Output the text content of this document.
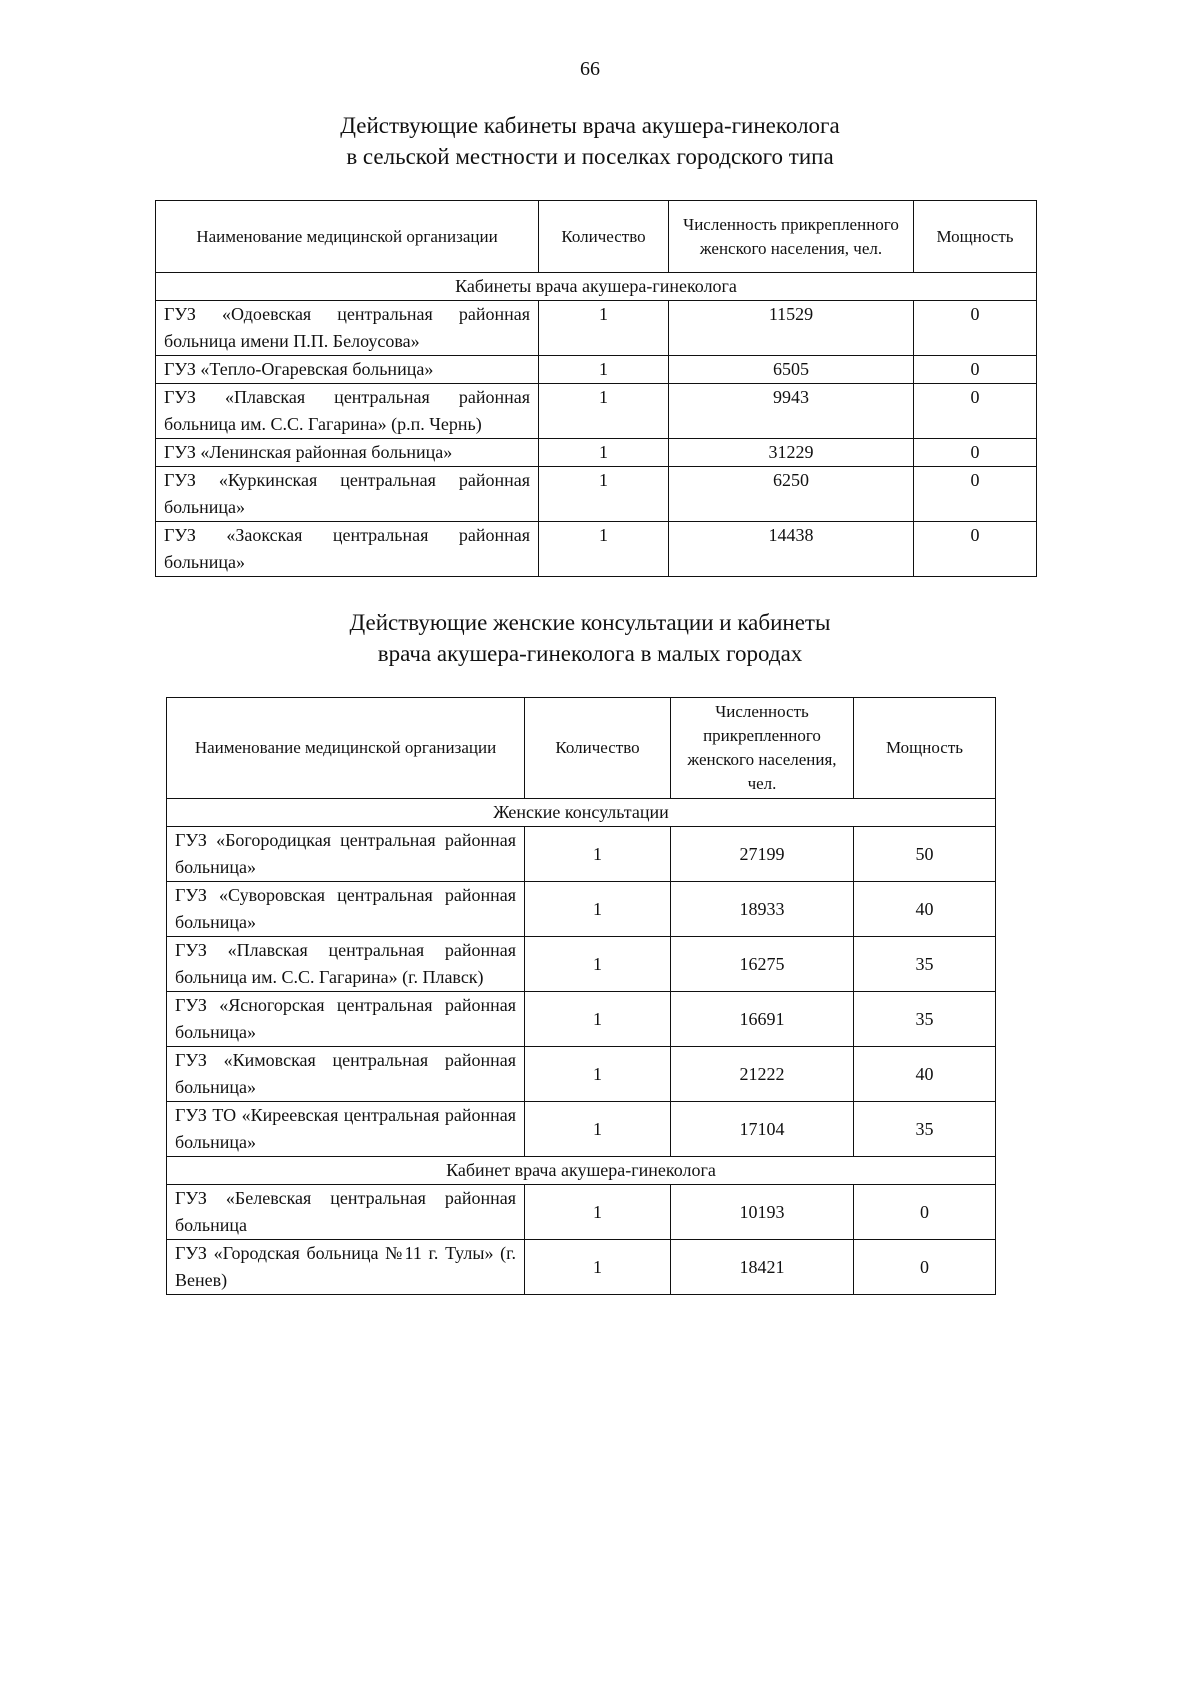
66
Действующие кабинеты врача акушера-гинеколога
в сельской местности и поселках городского типа
Наименование медицинской организации	Количество	Численность прикрепленного женского населения, чел.	Мощность
Кабинеты врача акушера-гинеколога			
ГУЗ «Одоевская центральная районная больница имени П.П. Белоусова»	1	11529	0
ГУЗ «Тепло-Огаревская больница»	1	6505	0
ГУЗ «Плавская центральная районная больница им. С.С. Гагарина» (р.п. Чернь)	1	9943	0
ГУЗ «Ленинская районная больница»	1	31229	0
ГУЗ «Куркинская центральная районная больница»	1	6250	0
ГУЗ «Заокская центральная районная больница»	1	14438	0
Действующие женские консультации и кабинеты
врача акушера-гинеколога в малых городах
Наименование медицинской организации	Количество	Численность прикрепленного женского населения, чел.	Мощность
Женские консультации			
ГУЗ «Богородицкая центральная районная больница»	1	27199	50
ГУЗ «Суворовская центральная районная больница»	1	18933	40
ГУЗ «Плавская центральная районная больница им. С.С. Гагарина» (г. Плавск)	1	16275	35
ГУЗ «Ясногорская центральная районная больница»	1	16691	35
ГУЗ «Кимовская центральная районная больница»	1	21222	40
ГУЗ ТО «Киреевская центральная районная больница»	1	17104	35
Кабинет врача акушера-гинеколога			
ГУЗ «Белевская центральная районная больница	1	10193	0
ГУЗ «Городская больница №11 г. Тулы» (г. Венев)	1	18421	0
